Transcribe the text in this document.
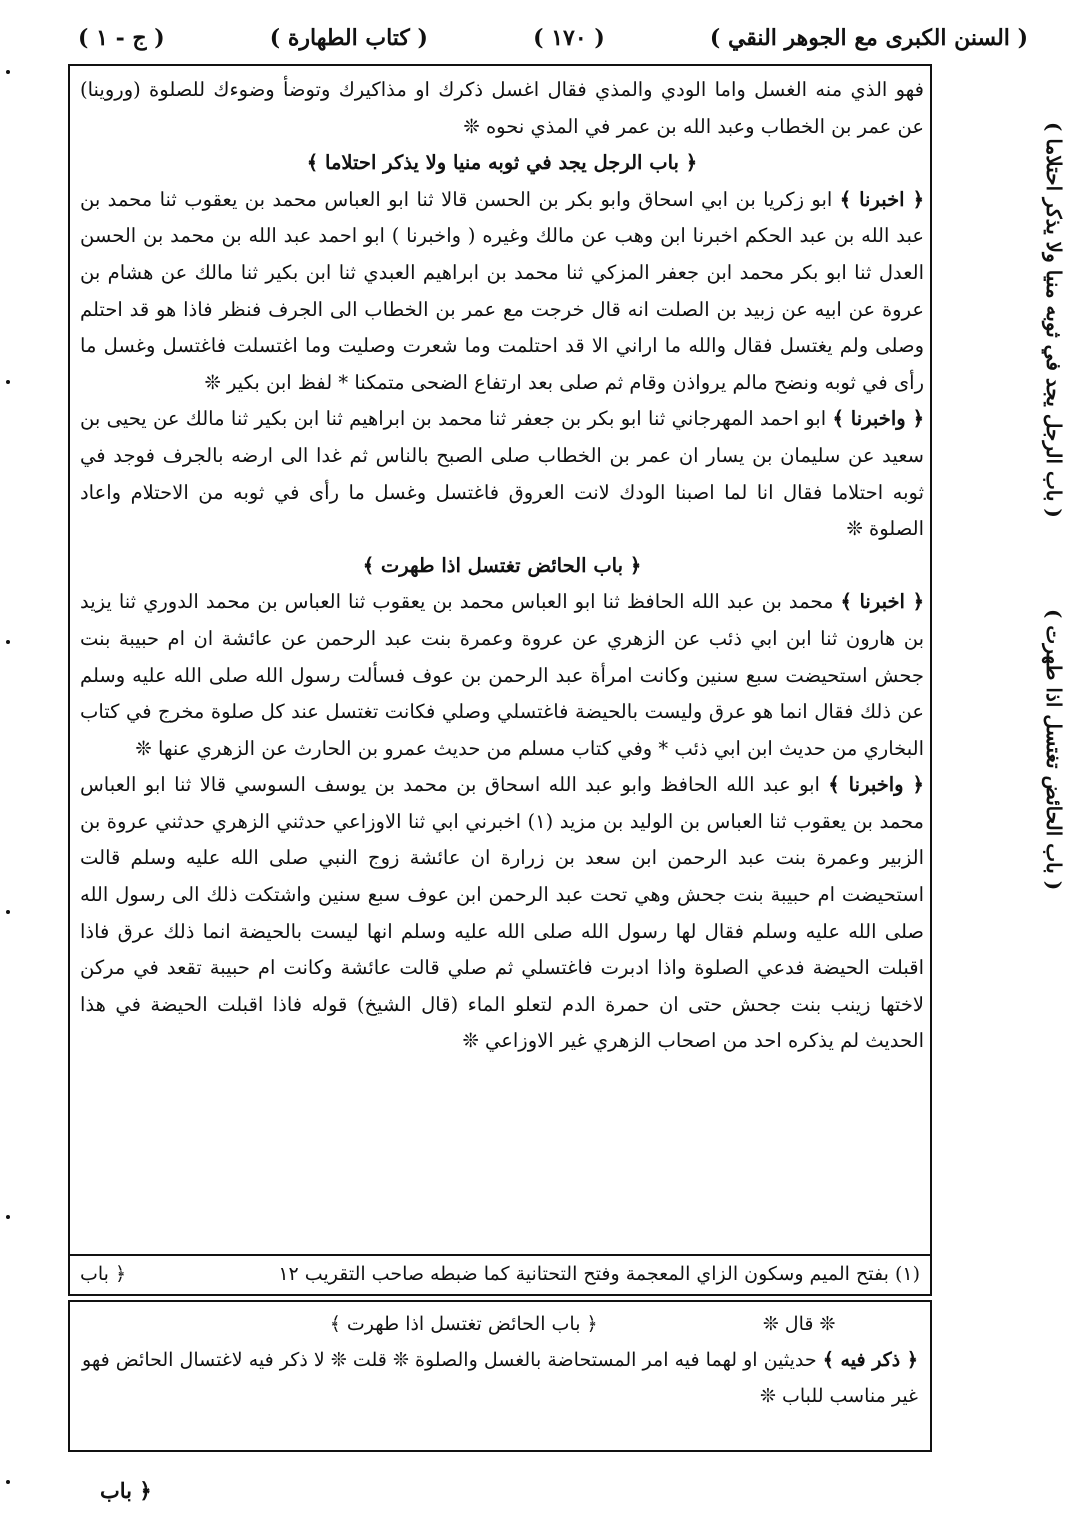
( السنن الكبرى مع الجوهر النقي )
( ١٧٠ )
( كتاب الطهارة )
( ج - ١ )

فهو الذي منه الغسل واما الودي والمذي فقال اغسل ذكرك او مذاكيرك وتوضأ وضوءك للصلوة (وروينا) عن عمر بن الخطاب وعبد الله بن عمر في المذي نحوه ❊

﴿ باب الرجل يجد في ثوبه منيا ولا يذكر احتلاما ﴾

﴿ اخبرنا ﴾ ابو زكريا بن ابي اسحاق وابو بكر بن الحسن قالا ثنا ابو العباس محمد بن يعقوب ثنا محمد بن عبد الله بن عبد الحكم اخبرنا ابن وهب عن مالك وغيره ( واخبرنا ) ابو احمد عبد الله بن محمد بن الحسن العدل ثنا ابو بكر محمد ابن جعفر المزكي ثنا محمد بن ابراهيم العبدي ثنا ابن بكير ثنا مالك عن هشام بن عروة عن ابيه عن زبيد بن الصلت انه قال خرجت مع عمر بن الخطاب الى الجرف فنظر فاذا هو قد احتلم وصلى ولم يغتسل فقال والله ما اراني الا قد احتلمت وما شعرت وصليت وما اغتسلت فاغتسل وغسل ما رأى في ثوبه ونضح مالم يرواذن وقام ثم صلى بعد ارتفاع الضحى متمكنا * لفظ ابن بكير ❊

﴿ واخبرنا ﴾ ابو احمد المهرجاني ثنا ابو بكر بن جعفر ثنا محمد بن ابراهيم ثنا ابن بكير ثنا مالك عن يحيى بن سعيد عن سليمان بن يسار ان عمر بن الخطاب صلى الصبح بالناس ثم غدا الى ارضه بالجرف فوجد في ثوبه احتلاما فقال انا لما اصبنا الودك لانت العروق فاغتسل وغسل ما رأى في ثوبه من الاحتلام واعاد الصلوة ❊

﴿ باب الحائض تغتسل اذا طهرت ﴾

﴿ اخبرنا ﴾ محمد بن عبد الله الحافظ ثنا ابو العباس محمد بن يعقوب ثنا العباس بن محمد الدوري ثنا يزيد بن هارون ثنا ابن ابي ذئب عن الزهري عن عروة وعمرة بنت عبد الرحمن عن عائشة ان ام حبيبة بنت جحش استحيضت سبع سنين وكانت امرأة عبد الرحمن بن عوف فسألت رسول الله صلى الله عليه وسلم عن ذلك فقال انما هو عرق وليست بالحيضة فاغتسلي وصلي فكانت تغتسل عند كل صلوة مخرج في كتاب البخاري من حديث ابن ابي ذئب * وفي كتاب مسلم من حديث عمرو بن الحارث عن الزهري عنها ❊

﴿ واخبرنا ﴾ ابو عبد الله الحافظ وابو عبد الله اسحاق بن محمد بن يوسف السوسي قالا ثنا ابو العباس محمد بن يعقوب ثنا العباس بن الوليد بن مزيد (١) اخبرني ابي ثنا الاوزاعي حدثني الزهري حدثني عروة بن الزبير وعمرة بنت عبد الرحمن ابن سعد بن زرارة ان عائشة زوج النبي صلى الله عليه وسلم قالت استحيضت ام حبيبة بنت جحش وهي تحت عبد الرحمن ابن عوف سبع سنين واشتكت ذلك الى رسول الله صلى الله عليه وسلم فقال لها رسول الله صلى الله عليه وسلم انها ليست بالحيضة انما ذلك عرق فاذا اقبلت الحيضة فدعي الصلوة واذا ادبرت فاغتسلي ثم صلي قالت عائشة وكانت ام حبيبة تقعد في مركن لاختها زينب بنت جحش حتى ان حمرة الدم لتعلو الماء (قال الشيخ) قوله فاذا اقبلت الحيضة في هذا الحديث لم يذكره احد من اصحاب الزهري غير الاوزاعي ❊

( باب الرجل يجد في ثوبه منيا ولا يذكر احتلاما )
( باب الحائض تغتسل اذا طهرت )
(١) بفتح الميم وسكون الزاي المعجمة وفتح التحتانية كما ضبطه صاحب التقريب ١٢
﴿ باب
❊ قال ❊
﴿ باب الحائض تغتسل اذا طهرت ﴾

﴿ ذكر فيه ﴾ حديثين او لهما فيه امر المستحاضة بالغسل والصلوة ❊ قلت ❊ لا ذكر فيه لاغتسال الحائض فهو غير مناسب للباب ❊

﴿ باب
